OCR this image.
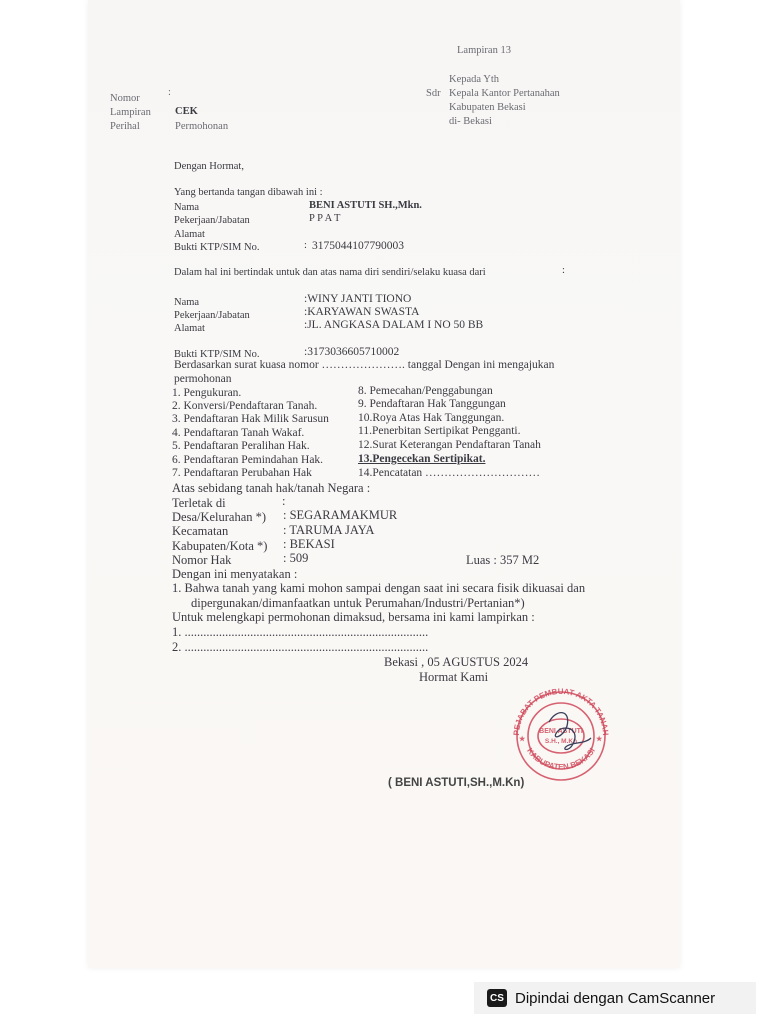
Lampiran 13
Kepada Yth
Sdr Kepala Kantor Pertanahan
Kabupaten Bekasi
di- Bekasi
Nomor
:
Lampiran CEK
Perihal	Permohonan
Dengan Hormat,
Yang bertanda tangan dibawah ini :
Nama	BENI ASTUTI SH.,Mkn.
Pekerjaan/Jabatan	P P A T
Alamat
Bukti KTP/SIM No.	: 3175044107790003
Dalam hal ini bertindak untuk dan atas nama diri sendiri/selaku kuasa dari	:
Nama	:WINY JANTI TIONO
Pekerjaan/Jabatan	:KARYAWAN SWASTA
Alamat	:JL. ANGKASA DALAM I NO 50 BB
Bukti KTP/SIM No.	:3173036605710002
Berdasarkan surat kuasa nomor …………………. tanggal Dengan ini mengajukan
permohonan
1. Pengukuran.
2. Konversi/Pendaftaran Tanah.
3. Pendaftaran Hak Milik Sarusun
4. Pendaftaran Tanah Wakaf.
5. Pendaftaran Peralihan Hak.
6. Pendaftaran Pemindahan Hak.
7. Pendaftaran Perubahan Hak
8. Pemecahan/Penggabungan
9. Pendaftaran Hak Tanggungan
10.Roya Atas Hak Tanggungan.
11.Penerbitan Sertipikat Pengganti.
12.Surat Keterangan Pendaftaran Tanah
13.Pengecekan Sertipikat.
14.Pencatatan …………………………
Atas sebidang tanah hak/tanah Negara :
Terletak di	:
Desa/Kelurahan *) : SEGARAMAKMUR
Kecamatan	: TARUMA JAYA
Kabupaten/Kota *) : BEKASI
Nomor Hak	: 509	Luas : 357 M2
Dengan ini menyatakan :
1. Bahwa tanah yang kami mohon sampai dengan saat ini secara fisik dikuasai dan
dipergunakan/dimanfaatkan untuk Perumahan/Industri/Pertanian*)
Untuk melengkapi permohonan dimaksud, bersama ini kami lampirkan :
1. ..............................................................................
2. ..............................................................................
Bekasi , 05 AGUSTUS 2024
Hormat Kami
PEJABAT PEMBUAT AKTA TANAH
KABUPATEN BEKASI
BENI ASTUTI
S.H., M.Kn
★	★
( BENI ASTUTI,SH.,M.Kn)
CS Dipindai dengan CamScanner
